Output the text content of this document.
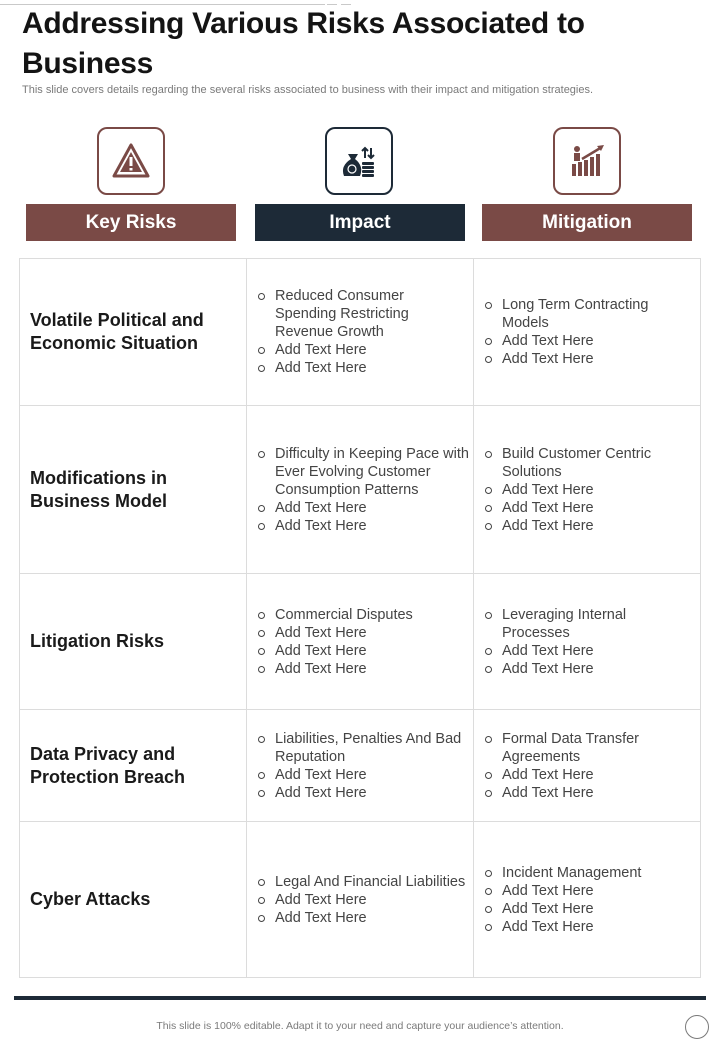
Addressing Various Risks Associated to Business

This slide covers details regarding the several risks associated to business with their impact and mitigation strategies.

Key Risks	Impact	Mitigation
Volatile Political and Economic Situation
Reduced Consumer Spending Restricting Revenue Growth
Add Text Here
Add Text Here
Long Term Contracting Models
Add Text Here
Add Text Here
Modifications in Business Model
Difficulty in Keeping Pace with Ever Evolving Customer Consumption Patterns
Add Text Here
Add Text Here
Build Customer Centric Solutions
Add Text Here
Add Text Here
Add Text Here
Litigation Risks
Commercial Disputes
Add Text Here
Add Text Here
Add Text Here
Leveraging Internal Processes
Add Text Here
Add Text Here
Data Privacy and Protection Breach
Liabilities, Penalties And Bad Reputation
Add Text Here
Add Text Here
Formal Data Transfer Agreements
Add Text Here
Add Text Here
Cyber Attacks
Legal And Financial Liabilities
Add Text Here
Add Text Here
Incident Management
Add Text Here
Add Text Here
Add Text Here
This slide is 100% editable. Adapt it to your need and capture your audience’s attention.
